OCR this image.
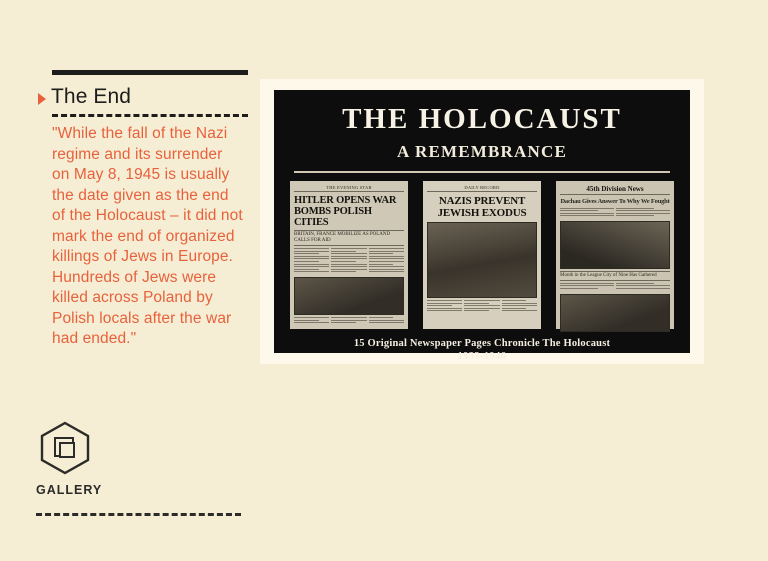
The End
"While the fall of the Nazi regime and its surrender on May 8, 1945 is usually the date given as the end of the Holocaust – it did not mark the end of organized killings of Jews in Europe. Hundreds of Jews were killed across Poland by Polish locals after the war had ended."
THE HOLOCAUST
A REMEMBRANCE
THE EVENING STAR
HITLER OPENS WAR BOMBS POLISH CITIES
BRITAIN, FRANCE MOBILIZE AS POLAND CALLS FOR AID
DAILY RECORD
NAZIS PREVENT JEWISH EXODUS
45th Division News
Dachau Gives Answer To Why We Fought
Month in the League City of Nine Has Gathered
15 Original Newspaper Pages Chronicle The Holocaust
1933-1946
GALLERY
